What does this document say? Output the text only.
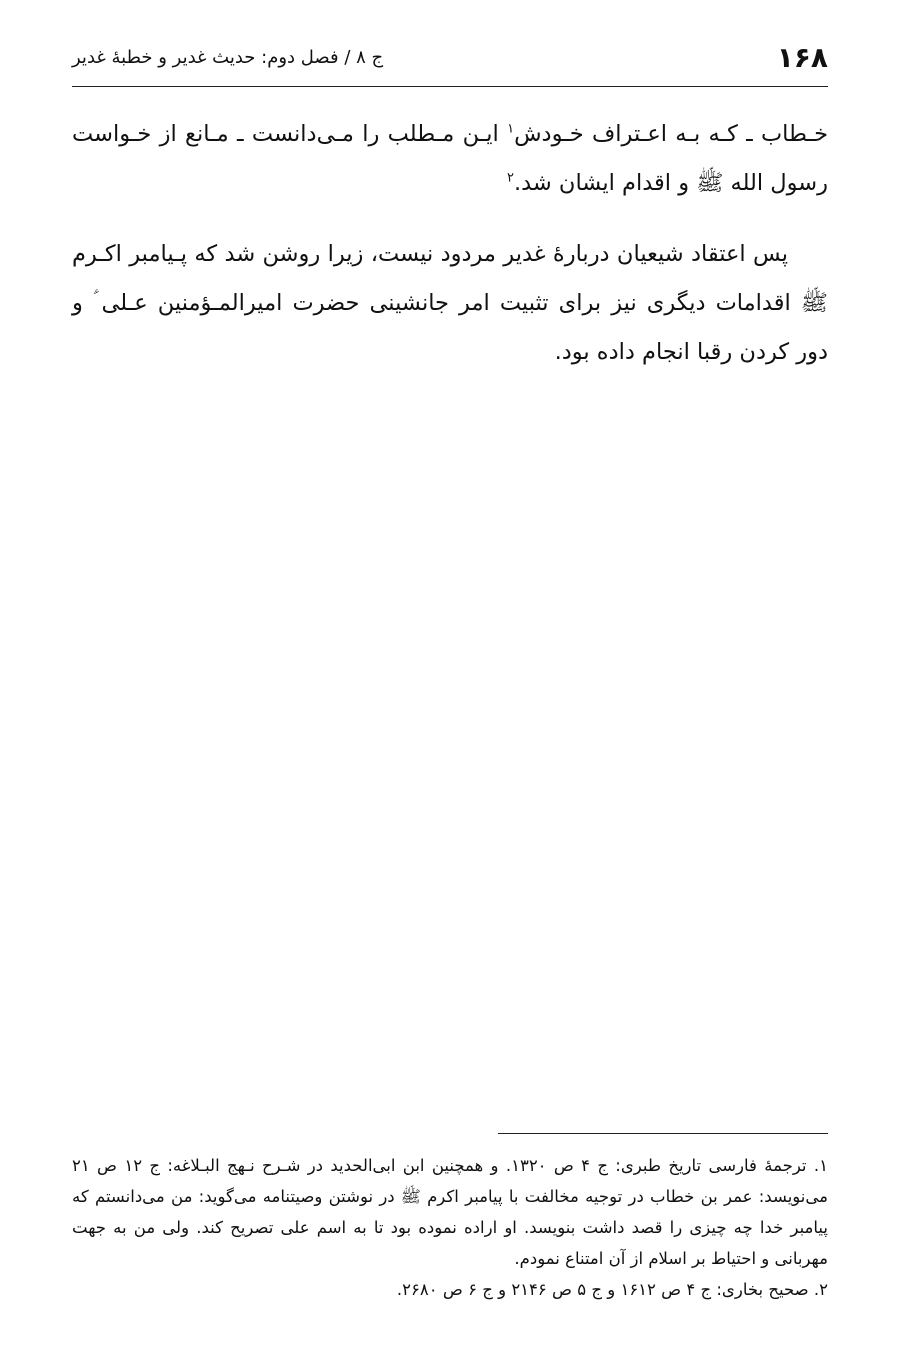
۱۶۸
ج ۸ / فصل دوم: حدیث غدیر و خطبهٔ غدیر

خـطاب ـ کـه بـه اعـتراف خـودش$^۱$ ایـن مـطلب را مـی‌دانست ـ مـانع از خـواست رسول الله ﷺ و اقدام ایشان شد.$^۲$

پس اعتقاد شیعیان دربارهٔ غدیر مردود نیست، زیرا روشن شد که پـیامبر اکـرم ﷺ اقدامات دیگری نیز برای تثبیت امر جانشینی حضرت امیرالمـؤمنین عـلی ؑ و دور کردن رقبا انجام داده بود.

۱. ترجمهٔ فارسی تاریخ طبری: ج ۴ ص ۱۳۲۰. و همچنین ابن ابی‌الحدید در شـرح نـهج البـلاغه: ج ۱۲ ص ۲۱ می‌نویسد: عمر بن خطاب در توجیه مخالفت با پیامبر اکرم ﷺ در نوشتن وصیتنامه می‌گوید: من می‌دانستم که پیامبر خدا چه چیزی را قصد داشت بنویسد. او اراده نموده بود تا به اسم علی تصریح کند. ولی من به جهت مهربانی و احتیاط بر اسلام از آن امتناع نمودم.

۲. صحیح بخاری: ج ۴ ص ۱۶۱۲ و ج ۵ ص ۲۱۴۶ و ج ۶ ص ۲۶۸۰.
